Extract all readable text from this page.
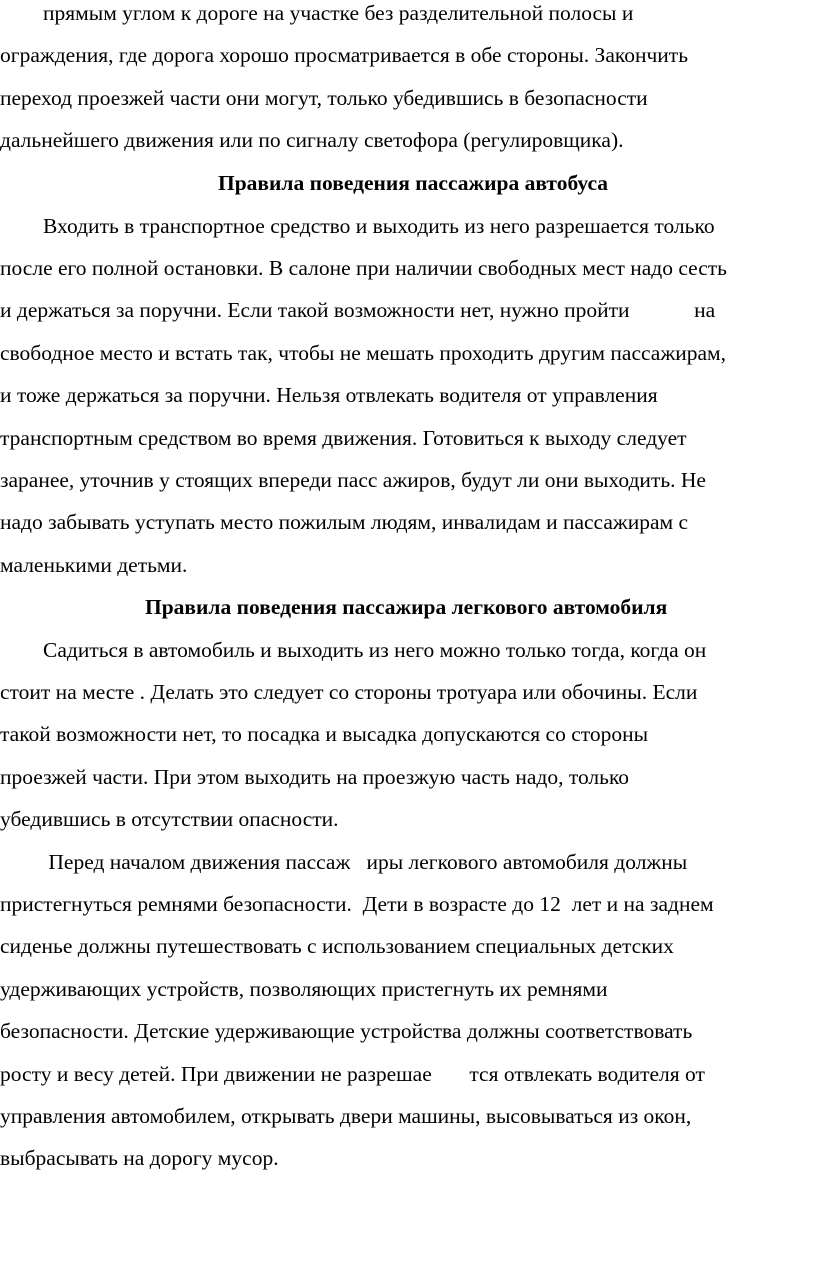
прямым углом к дороге на участке без разделительной полосы и
ограждения, где дорога хорошо просматривается в обе стороны. Закончить
переход проезжей части они могут, только убедившись в безопасности
дальнейшего движения или по сигналу светофора (регулировщика).
Правила поведения пассажира автобуса
Входить в транспортное средство и выходить из него разрешается только
после его полной остановки. В салоне при наличии свободных мест надо сесть
и держаться за поручни. Если такой возможности нет, нужно пройти            на
свободное место и встать так, чтобы не мешать проходить другим пассажирам,
и тоже держаться за поручни. Нельзя отвлекать водителя от управления
транспортным средством во время движения. Готовиться к выходу следует
заранее, уточнив у стоящих впереди пасс ажиров, будут ли они выходить. Не
надо забывать уступать место пожилым людям, инвалидам и пассажирам с
маленькими детьми.
Правила поведения пассажира легкового автомобиля
Садиться в автомобиль и выходить из него можно только тогда, когда он
стоит на месте . Делать это следует со стороны тротуара или обочины. Если
такой возможности нет, то посадка и высадка допускаются со стороны
проезжей части. При этом выходить на проезжую часть надо, только
убедившись в отсутствии опасности.
Перед началом движения пассаж   иры легкового автомобиля должны
пристегнуться ремнями безопасности.  Дети в возрасте до 12  лет и на заднем
сиденье должны путешествовать с использованием специальных детских
удерживающих устройств, позволяющих пристегнуть их ремнями
безопасности. Детские удерживающие устройства должны соответствовать
росту и весу детей. При движении не разрешае       тся отвлекать водителя от
управления автомобилем, открывать двери машины, высовываться из окон,
выбрасывать на дорогу мусор.
